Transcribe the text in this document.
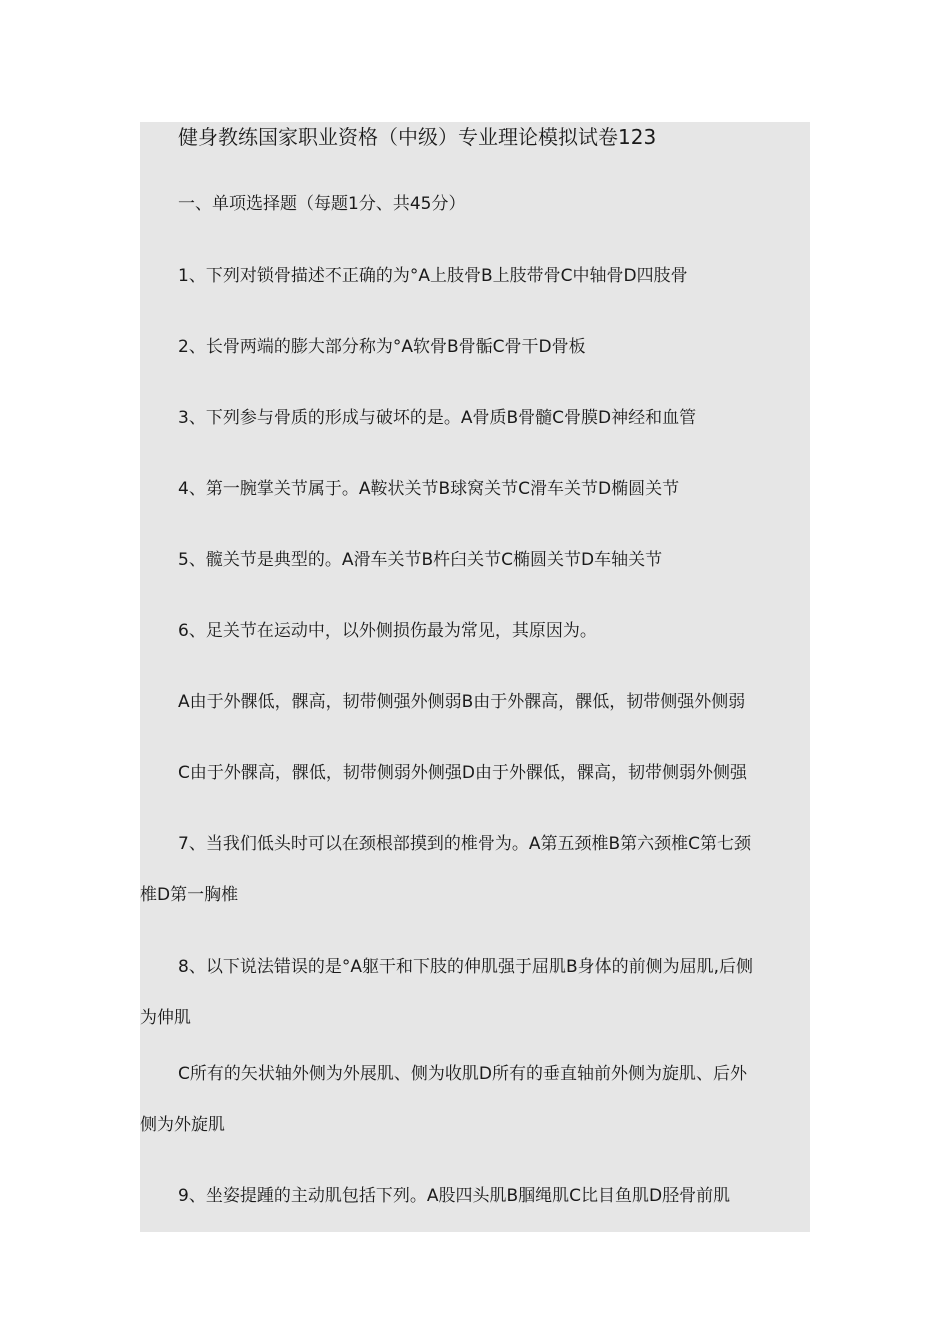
健身教练国家职业资格（中级）专业理论模拟试卷123
一、单项选择题（每题1分、共45分）
1、下列对锁骨描述不正确的为°A上肢骨B上肢带骨C中轴骨D四肢骨
2、长骨两端的膨大部分称为°A软骨B骨骺C骨干D骨板
3、下列参与骨质的形成与破坏的是。A骨质B骨髓C骨膜D神经和血管
4、第一腕掌关节属于。A鞍状关节B球窝关节C滑车关节D椭圆关节
5、髋关节是典型的。A滑车关节B杵臼关节C椭圆关节D车轴关节
6、足关节在运动中，以外侧损伤最为常见，其原因为。
A由于外髁低，髁高，韧带侧强外侧弱B由于外髁高，髁低，韧带侧强外侧弱
C由于外髁高，髁低，韧带侧弱外侧强D由于外髁低，髁高，韧带侧弱外侧强
7、当我们低头时可以在颈根部摸到的椎骨为。A第五颈椎B第六颈椎C第七颈
椎D第一胸椎
8、以下说法错误的是°A躯干和下肢的伸肌强于屈肌B身体的前侧为屈肌,后侧
为伸肌
C所有的矢状轴外侧为外展肌、侧为收肌D所有的垂直轴前外侧为旋肌、后外
侧为外旋肌
9、坐姿提踵的主动肌包括下列。A股四头肌B腘绳肌C比目鱼肌D胫骨前肌
